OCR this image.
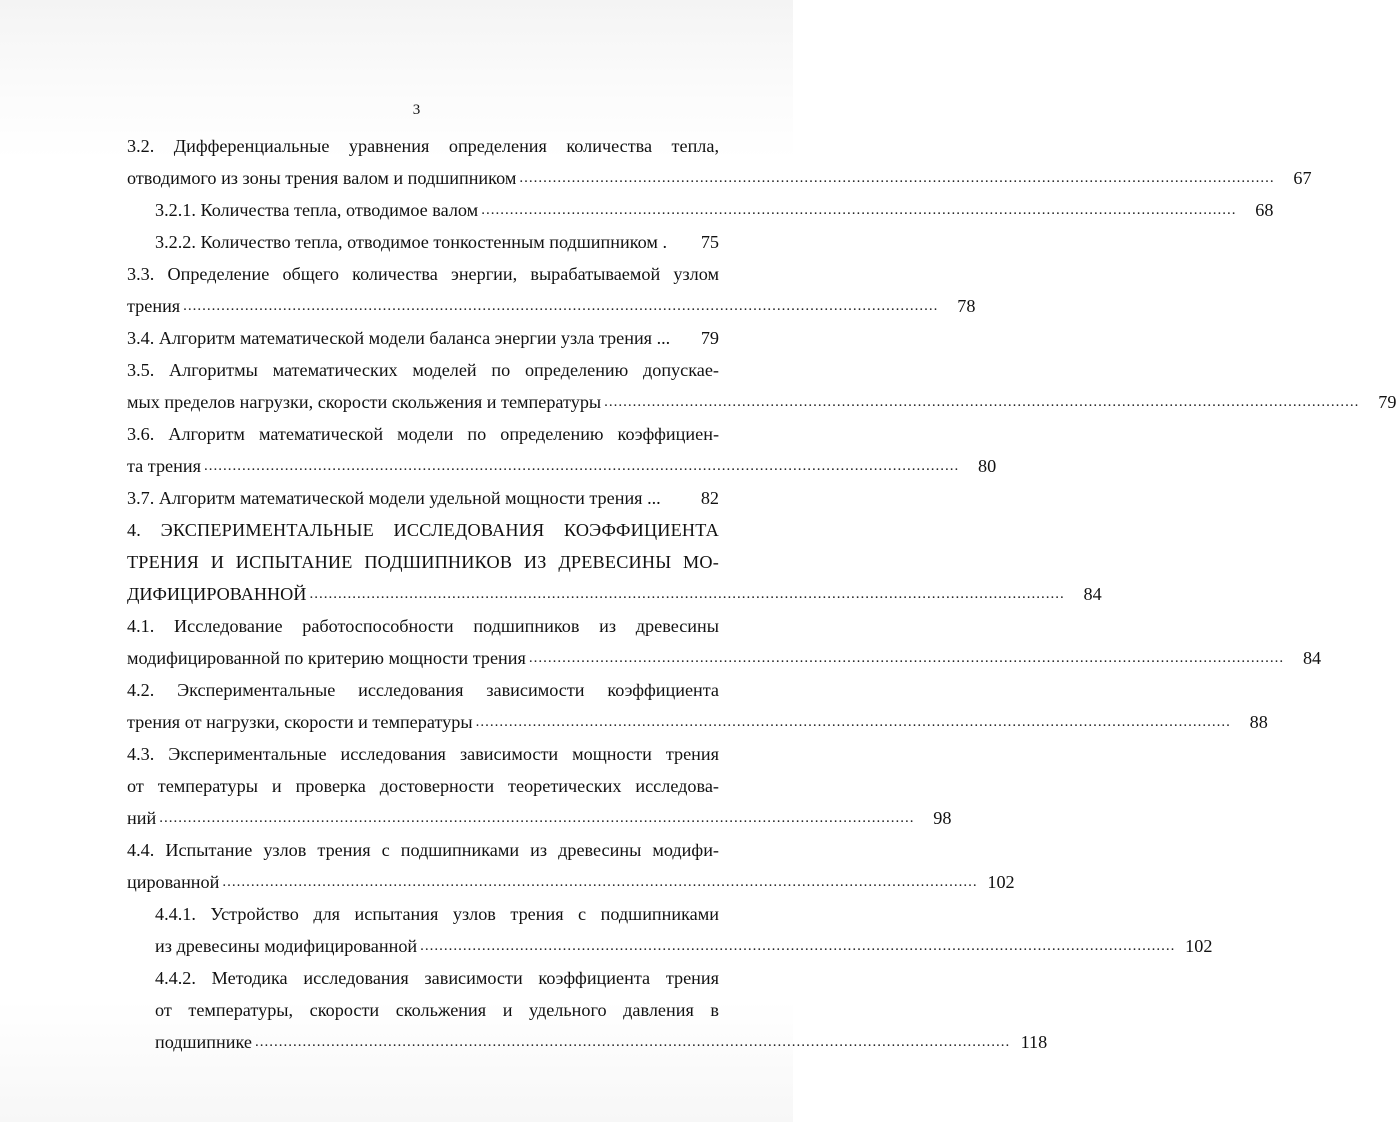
3
3.2. Дифференциальные уравнения определения количества тепла,
отводимого из зоны трения валом и подшипником ...............................................................................................................................................................	67
3.2.1. Количества тепла, отводимое валом ...............................................................................................................................................................	68
3.2.2. Количество тепла, отводимое тонкостенным подшипником .	75
3.3. Определение общего количества энергии, вырабатываемой узлом
трения ...............................................................................................................................................................	78
3.4. Алгоритм математической модели баланса энергии узла трения ...	79
3.5. Алгоритмы математических моделей по определению допускае-
мых пределов нагрузки, скорости скольжения и температуры ...............................................................................................................................................................	79
3.6. Алгоритм математической модели по определению коэффициен-
та трения ...............................................................................................................................................................	80
3.7. Алгоритм математической модели удельной мощности трения ...	82
4. ЭКСПЕРИМЕНТАЛЬНЫЕ ИССЛЕДОВАНИЯ КОЭФФИЦИЕНТА
ТРЕНИЯ И ИСПЫТАНИЕ ПОДШИПНИКОВ ИЗ ДРЕВЕСИНЫ МО-
ДИФИЦИРОВАННОЙ ...............................................................................................................................................................	84
4.1. Исследование работоспособности подшипников из древесины
модифицированной по критерию мощности трения ...............................................................................................................................................................	84
4.2. Экспериментальные исследования зависимости коэффициента
трения от нагрузки, скорости и температуры ...............................................................................................................................................................	88
4.3. Экспериментальные исследования зависимости мощности трения
от температуры и проверка достоверности теоретических исследова-
ний ...............................................................................................................................................................	98
4.4. Испытание узлов трения с подшипниками из древесины модифи-
цированной ............................................................................................................................................................... 102
4.4.1. Устройство для испытания узлов трения с подшипниками
из древесины модифицированной ............................................................................................................................................................... 102
4.4.2. Методика исследования зависимости коэффициента трения
от температуры, скорости скольжения и удельного давления в
подшипнике ............................................................................................................................................................... 118
